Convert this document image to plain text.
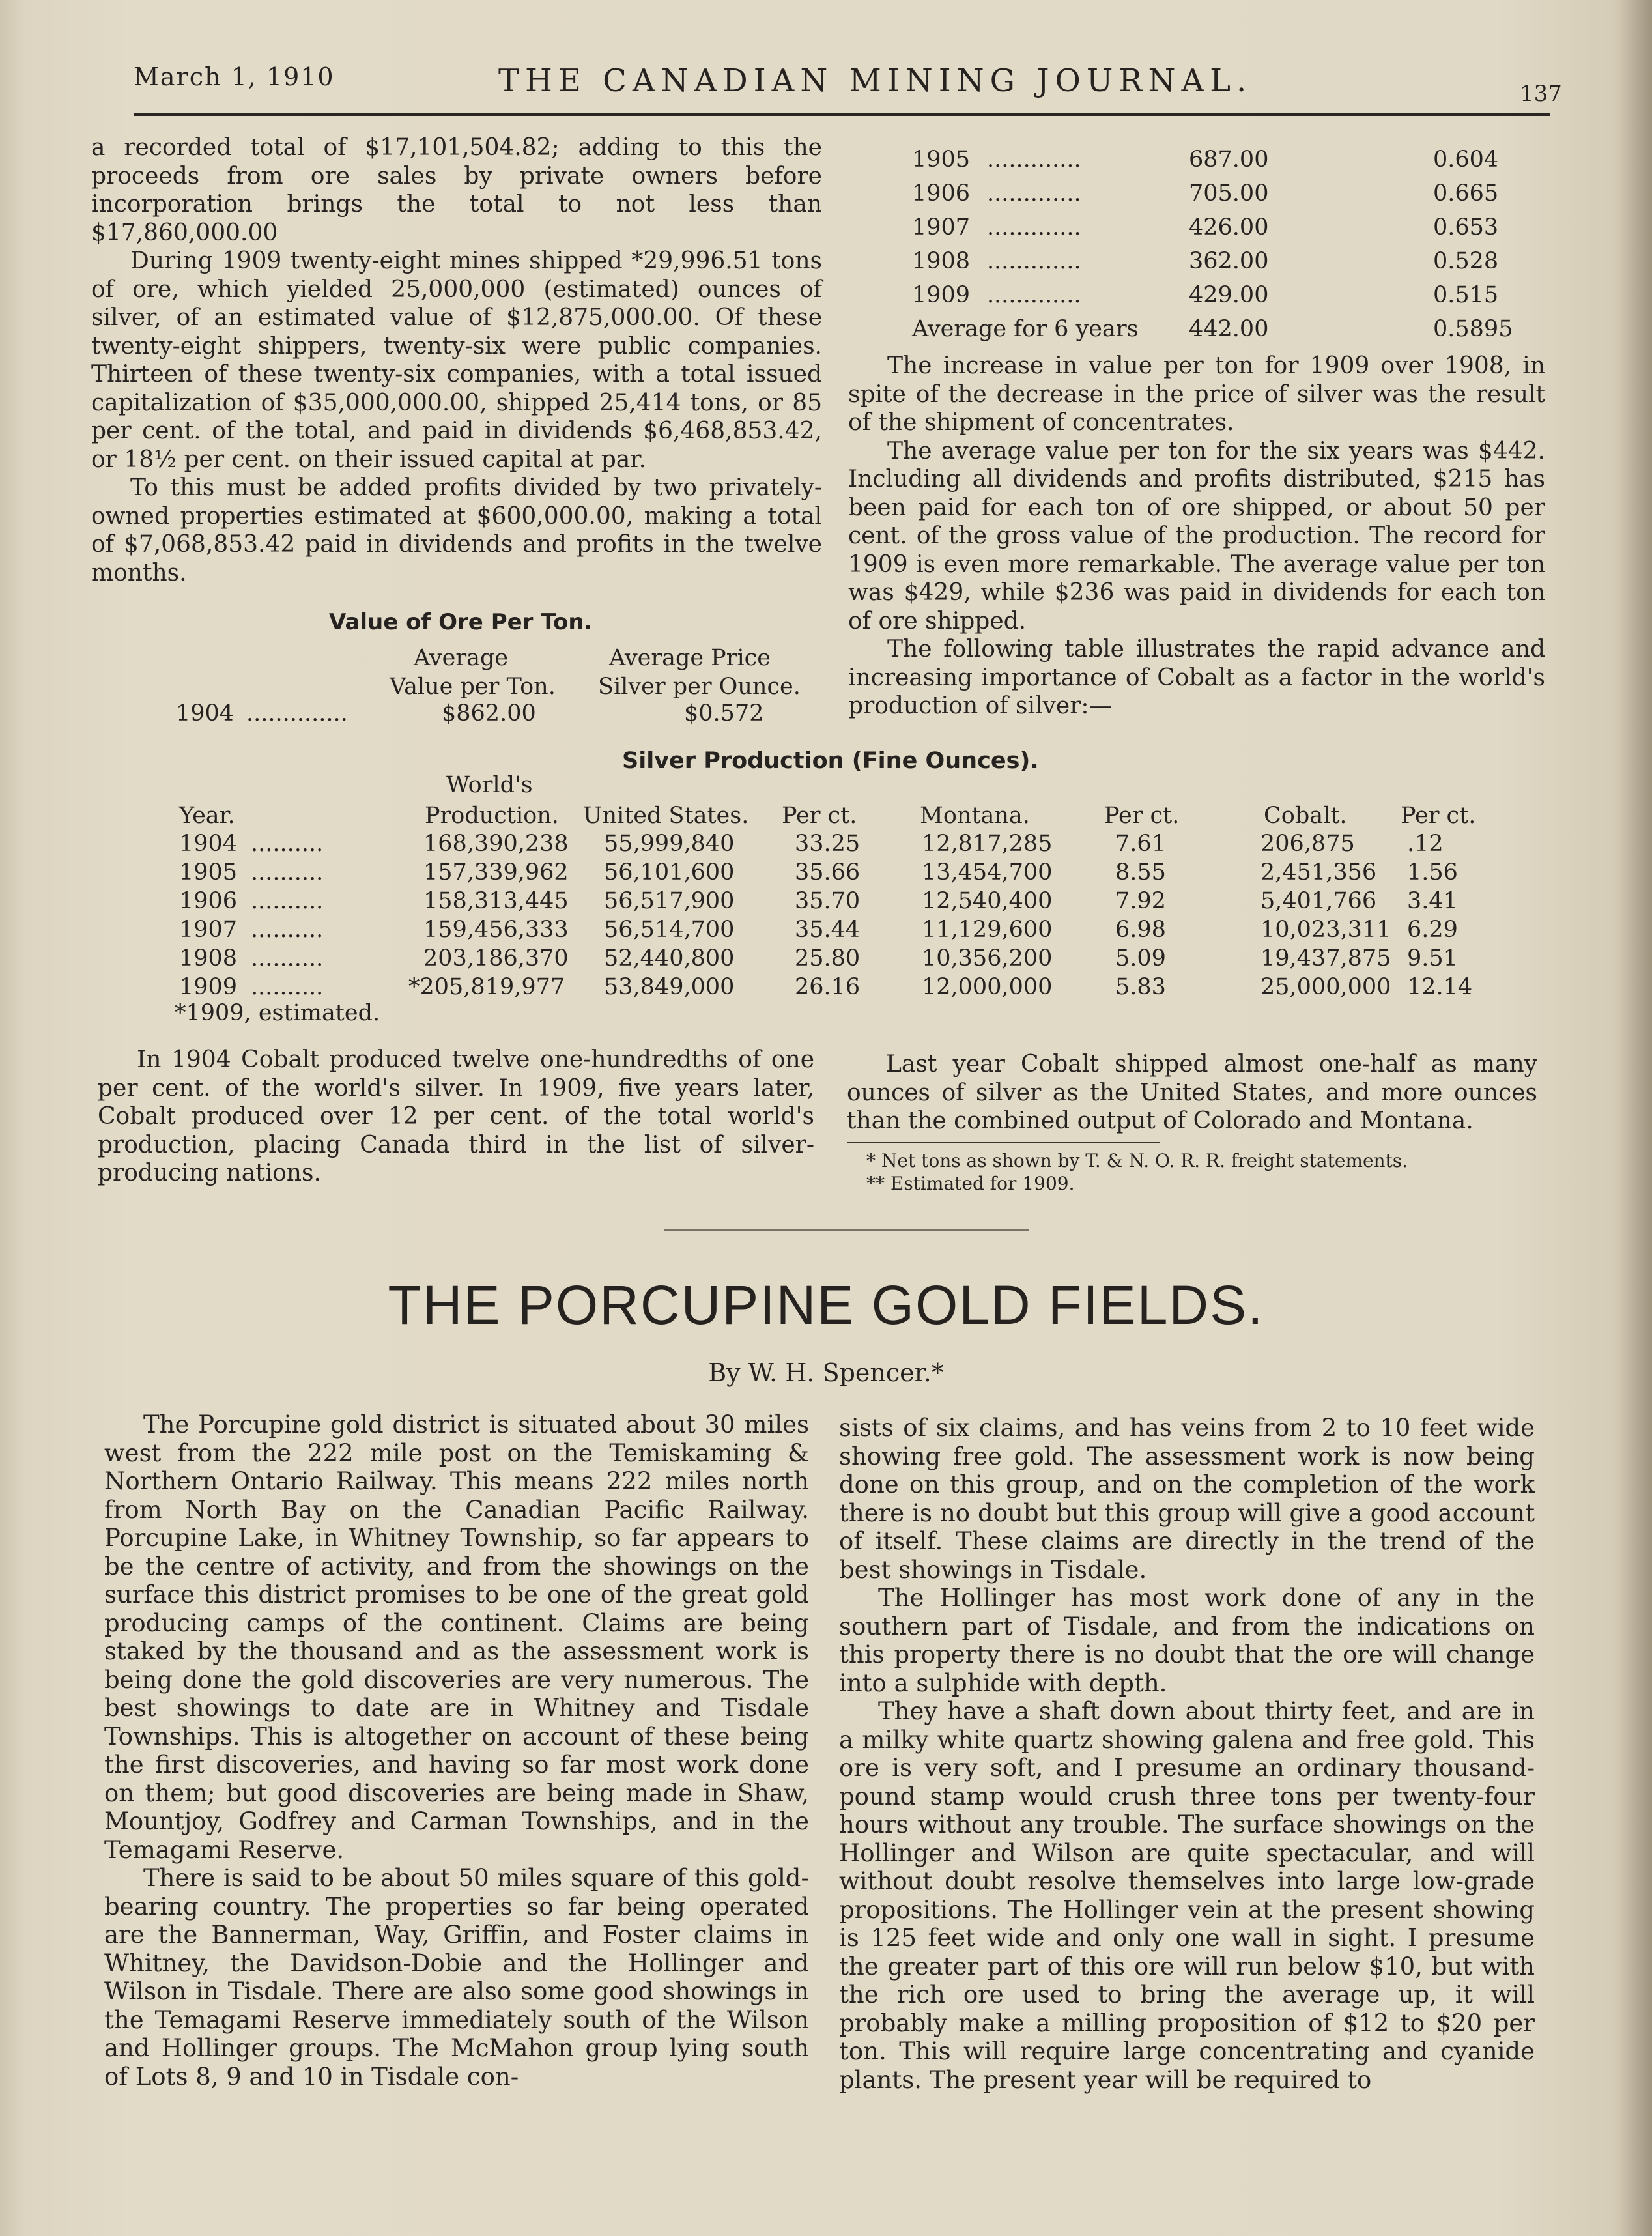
March 1, 1910	THE CANADIAN MINING JOURNAL.	137

a recorded total of $17,101,504.82; adding to this the proceeds from ore sales by private owners before incorporation brings the total to not less than $17,860,000.00

During 1909 twenty-eight mines shipped *29,996.51 tons of ore, which yielded 25,000,000 (estimated) ounces of silver, of an estimated value of $12,875,000.00. Of these twenty-eight shippers, twenty-six were public companies. Thirteen of these twenty-six companies, with a total issued capitalization of $35,000,000.00, shipped 25,414 tons, or 85 per cent. of the total, and paid in dividends $6,468,853.42, or 18½ per cent. on their issued capital at par.

To this must be added profits divided by two privately-owned properties estimated at $600,000.00, making a total of $7,068,853.42 paid in dividends and profits in the twelve months.

Value of Ore Per Ton.
Average
Value per Ton.
Average Price
Silver per Ounce.
1904 ..............	$862.00	$0.572
1905 .............	687.00	0.604
1906 .............	705.00	0.665
1907 .............	426.00	0.653
1908 .............	362.00	0.528
1909 .............	429.00	0.515
Average for 6 years 442.00	0.5895

The increase in value per ton for 1909 over 1908, in spite of the decrease in the price of silver was the result of the shipment of concentrates.

The average value per ton for the six years was $442. Including all dividends and profits distributed, $215 has been paid for each ton of ore shipped, or about 50 per cent. of the gross value of the production. The record for 1909 is even more remarkable. The average value per ton was $429, while $236 was paid in dividends for each ton of ore shipped.

The following table illustrates the rapid advance and increasing importance of Cobalt as a factor in the world's production of silver:—

Silver Production (Fine Ounces).
World's
Year.	Production. United States. Per ct.	Montana.	Per ct.	Cobalt. Per ct.
1904 ..........	168,390,238 55,999,840	33.25	12,817,285	7.61	206,875 .12
1905 ..........	157,339,962 56,101,600	35.66	13,454,700	8.55	2,451,356 1.56
1906 ..........	158,313,445 56,517,900	35.70	12,540,400	7.92	5,401,766 3.41
1907 ..........	159,456,333 56,514,700	35.44	11,129,600	6.98	10,023,311 6.29
1908 ..........	203,186,370 52,440,800	25.80	10,356,200	5.09	19,437,875 9.51
1909 ..........	*205,819,977 53,849,000	26.16	12,000,000	5.83	25,000,000 12.14
*1909, estimated.

In 1904 Cobalt produced twelve one-hundredths of one per cent. of the world's silver. In 1909, five years later, Cobalt produced over 12 per cent. of the total world's production, placing Canada third in the list of silver-producing nations.

Last year Cobalt shipped almost one-half as many ounces of silver as the United States, and more ounces than the combined output of Colorado and Montana.

* Net tons as shown by T. & N. O. R. R. freight statements.
** Estimated for 1909.
THE PORCUPINE GOLD FIELDS.
By W. H. Spencer.*

The Porcupine gold district is situated about 30 miles west from the 222 mile post on the Temiskaming & Northern Ontario Railway. This means 222 miles north from North Bay on the Canadian Pacific Railway. Porcupine Lake, in Whitney Township, so far appears to be the centre of activity, and from the showings on the surface this district promises to be one of the great gold producing camps of the continent. Claims are being staked by the thousand and as the assessment work is being done the gold discoveries are very numerous. The best showings to date are in Whitney and Tisdale Townships. This is altogether on account of these being the first discoveries, and having so far most work done on them; but good discoveries are being made in Shaw, Mountjoy, Godfrey and Carman Townships, and in the Temagami Reserve.

There is said to be about 50 miles square of this gold-bearing country. The properties so far being operated are the Bannerman, Way, Griffin, and Foster claims in Whitney, the Davidson-Dobie and the Hollinger and Wilson in Tisdale. There are also some good showings in the Temagami Reserve immediately south of the Wilson and Hollinger groups. The McMahon group lying south of Lots 8, 9 and 10 in Tisdale con-

sists of six claims, and has veins from 2 to 10 feet wide showing free gold. The assessment work is now being done on this group, and on the completion of the work there is no doubt but this group will give a good account of itself. These claims are directly in the trend of the best showings in Tisdale.

The Hollinger has most work done of any in the southern part of Tisdale, and from the indications on this property there is no doubt that the ore will change into a sulphide with depth.

They have a shaft down about thirty feet, and are in a milky white quartz showing galena and free gold. This ore is very soft, and I presume an ordinary thousand-pound stamp would crush three tons per twenty-four hours without any trouble. The surface showings on the Hollinger and Wilson are quite spectacular, and will without doubt resolve themselves into large low-grade propositions. The Hollinger vein at the present showing is 125 feet wide and only one wall in sight. I presume the greater part of this ore will run below $10, but with the rich ore used to bring the average up, it will probably make a milling proposition of $12 to $20 per ton. This will require large concentrating and cyanide plants. The present year will be required to
